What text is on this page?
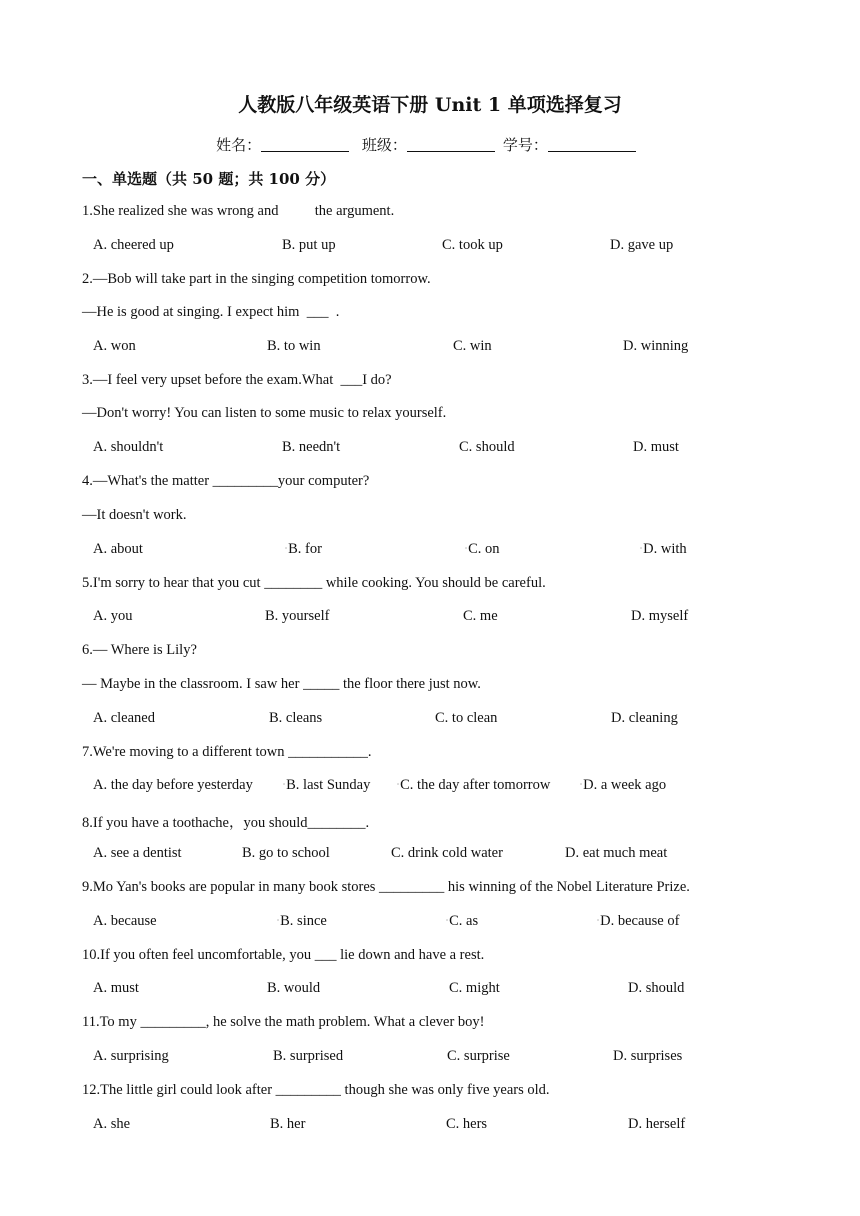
人教版八年级英语下册 Unit 1 单项选择复习
姓名：	班级：	学号：
一、单选题（共 50 题；共 100 分）
1.She realized she was wrong and          the argument.
A. cheered up	B. put up	C. took up	D. gave up
2.—Bob will take part in the singing competition tomorrow.
—He is good at singing. I expect him  ___  .
A. won	B. to win	C. win	D. winning
3.—I feel very upset before the exam.What  ___I do?
—Don't worry! You can listen to some music to relax yourself.
A. shouldn't	B. needn't	C. should	D. must
4.—What's the matter _________your computer?
—It doesn't work.
A. about	▫B. for	▫C. on	▫D. with
5.I'm sorry to hear that you cut ________ while cooking. You should be careful.
A. you	B. yourself	C. me	D. myself
6.— Where is Lily?
— Maybe in the classroom. I saw her _____ the floor there just now.
A. cleaned	B. cleans	C. to clean	D. cleaning
7.We're moving to a different town ___________.
A. the day before yesterday	▫B. last Sunday	▫C. the day after tomorrow	▫D. a week ago
8.If you have a toothache，you should________.
A. see a dentist	B. go to school	C. drink cold water	D. eat much meat
9.Mo Yan's books are popular in many book stores _________ his winning of the Nobel Literature Prize.
A. because	▫B. since	▫C. as	▫D. because of
10.If you often feel uncomfortable, you ___ lie down and have a rest.
A. must	B. would	C. might	D. should
11.To my _________, he solve the math problem. What a clever boy!
A. surprising	B. surprised	C. surprise	D. surprises
12.The little girl could look after _________ though she was only five years old.
A. she	B. her	C. hers	D. herself
